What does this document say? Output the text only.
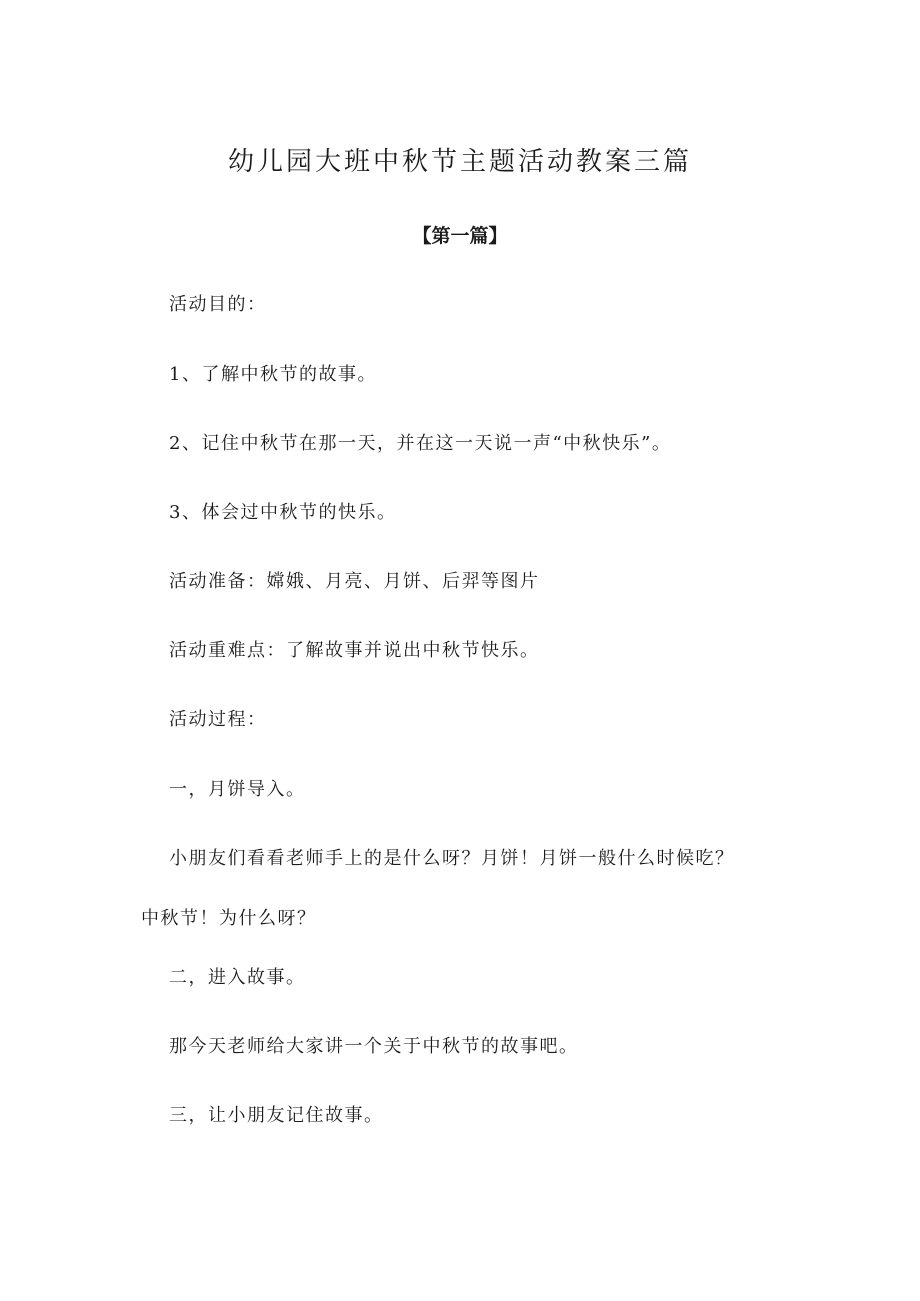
幼儿园大班中秋节主题活动教案三篇
【第一篇】

活动目的：

1、了解中秋节的故事。

2、记住中秋节在那一天，并在这一天说一声“中秋快乐”。

3、体会过中秋节的快乐。

活动准备：嫦娥、月亮、月饼、后羿等图片

活动重难点：了解故事并说出中秋节快乐。

活动过程：

一，月饼导入。

小朋友们看看老师手上的是什么呀？月饼！月饼一般什么时候吃？中秋节！为什么呀？

二，进入故事。

那今天老师给大家讲一个关于中秋节的故事吧。

三，让小朋友记住故事。
